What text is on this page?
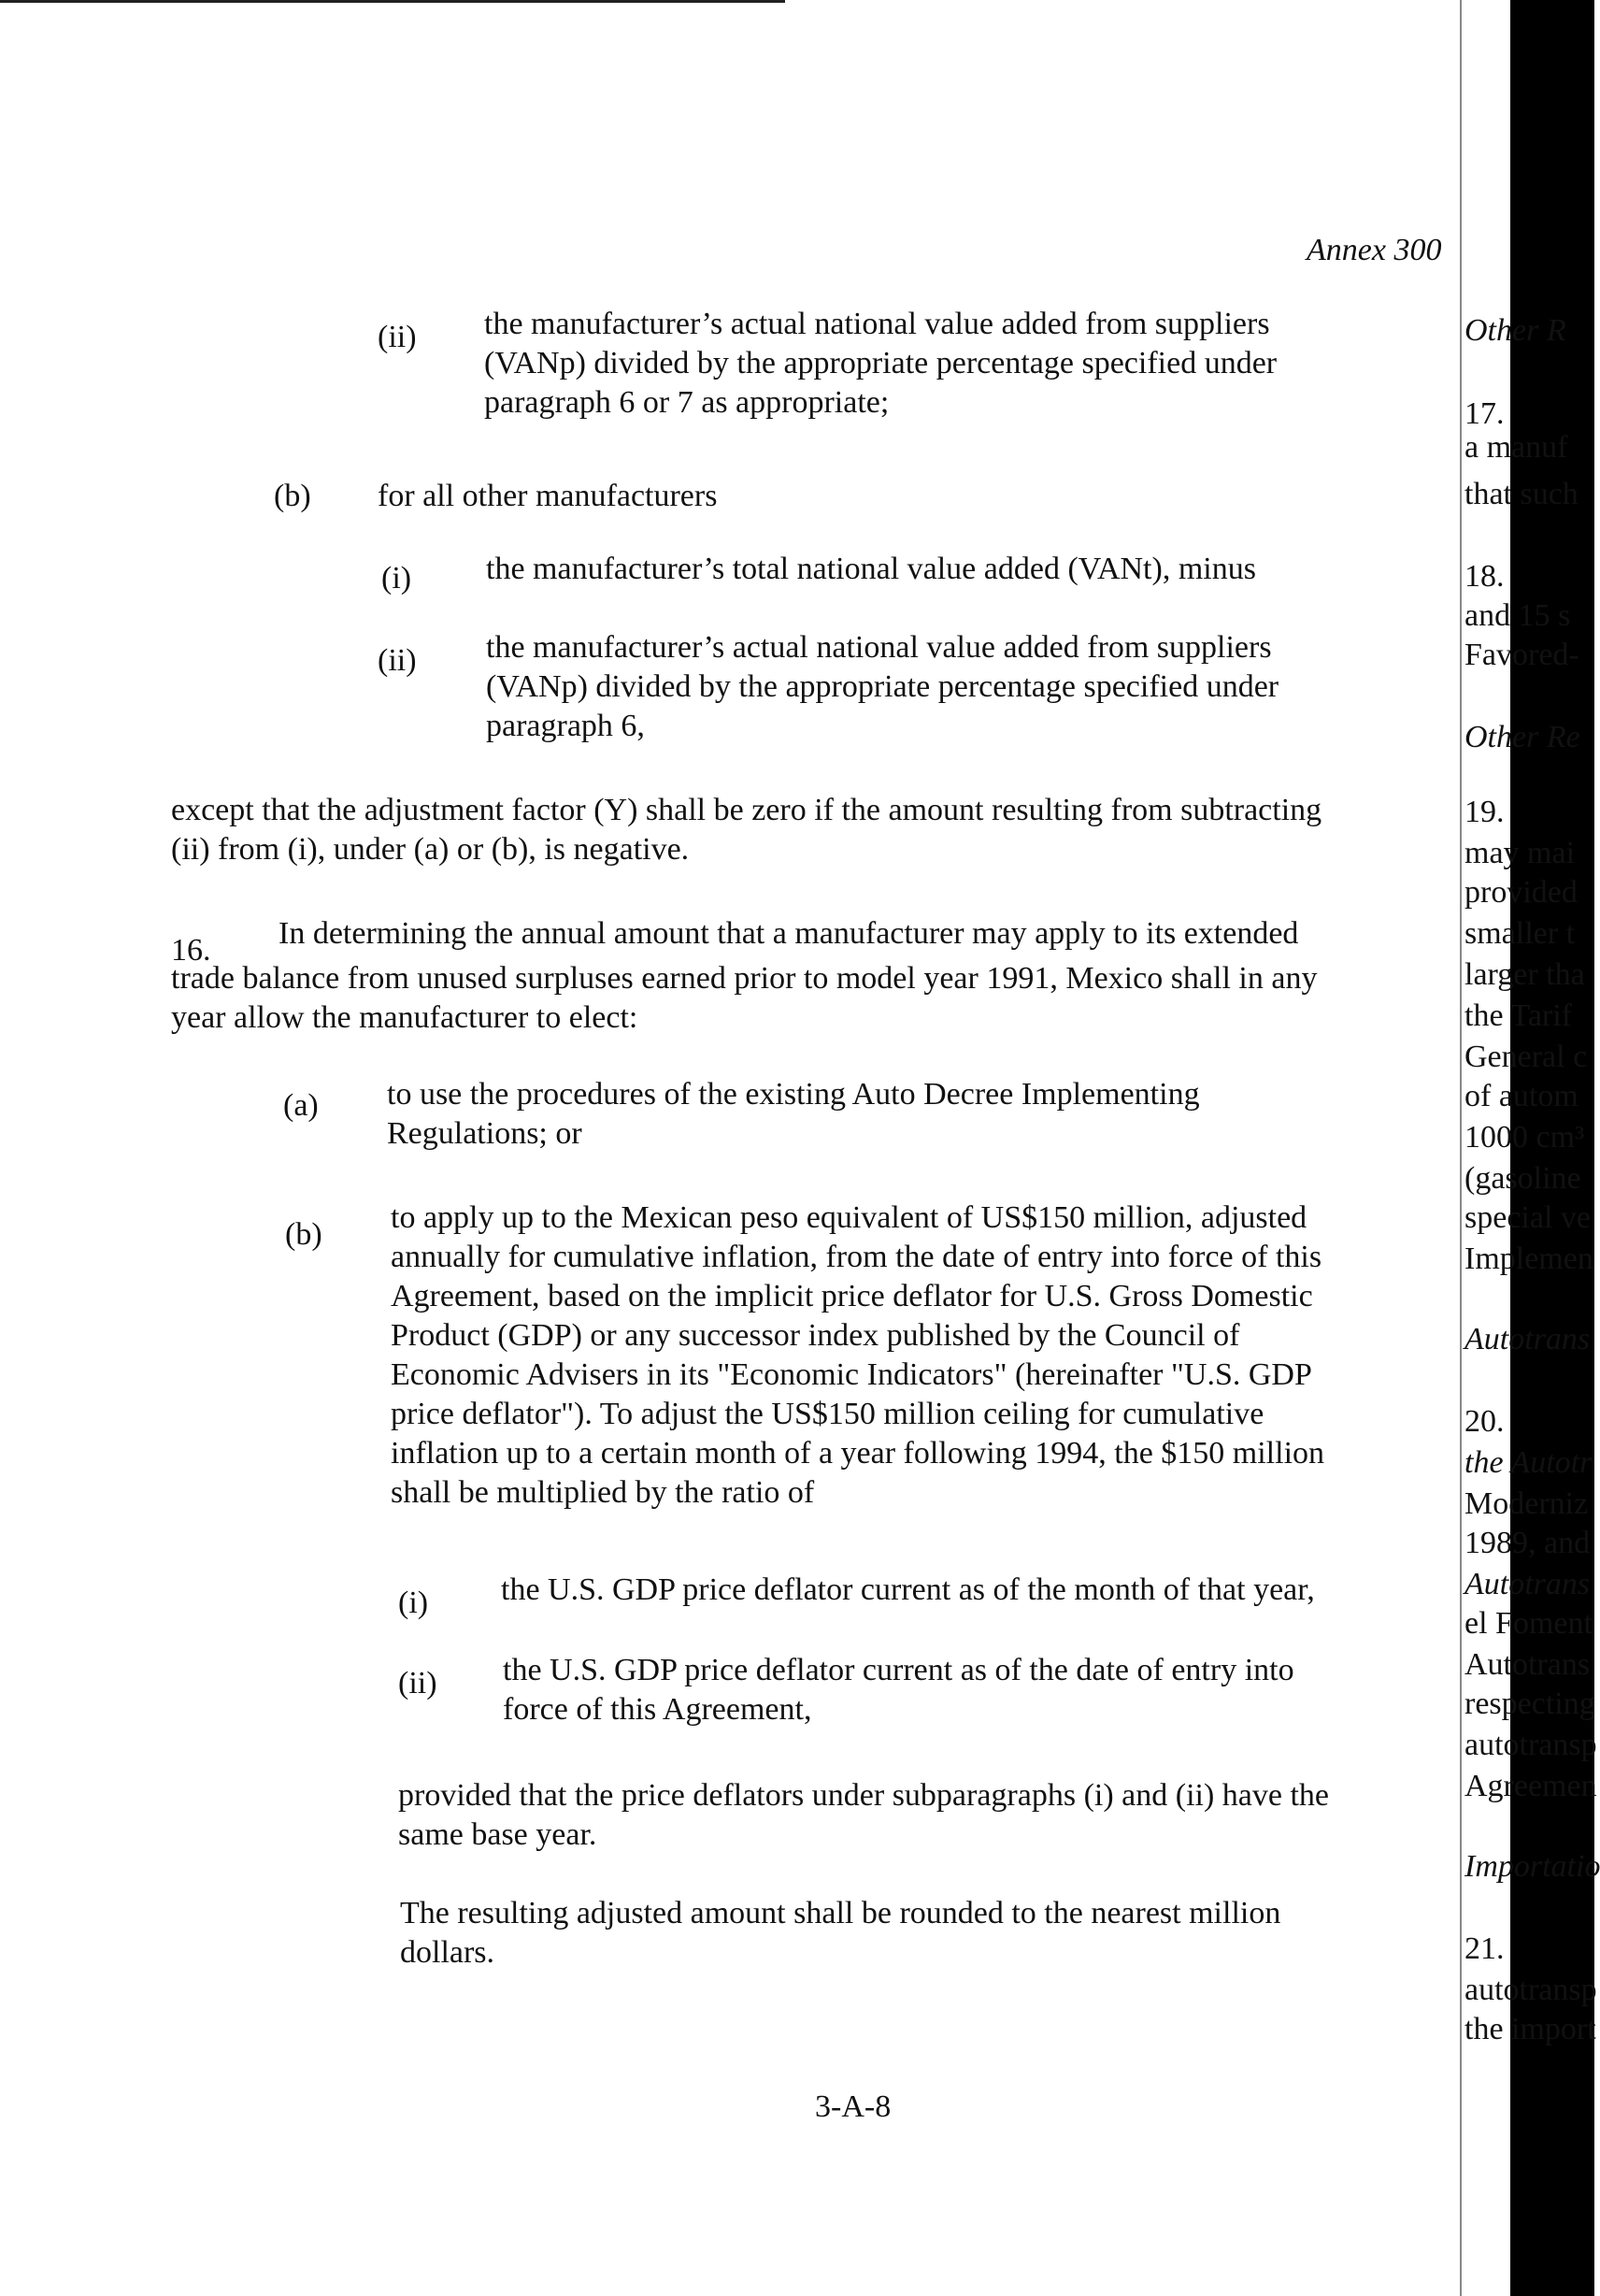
Annex 300
(ii) the manufacturer’s actual national value added from suppliers
(VANp) divided by the appropriate percentage specified under
paragraph 6 or 7 as appropriate;
(b) for all other manufacturers
(i) the manufacturer’s total national value added (VANt), minus
(ii) the manufacturer’s actual national value added from suppliers
(VANp) divided by the appropriate percentage specified under
paragraph 6,
except that the adjustment factor (Y) shall be zero if the amount resulting from subtracting
(ii) from (i), under (a) or (b), is negative.
16. In determining the annual amount that a manufacturer may apply to its extended
trade balance from unused surpluses earned prior to model year 1991, Mexico shall in any
year allow the manufacturer to elect:
(a) to use the procedures of the existing Auto Decree Implementing
Regulations; or
(b) to apply up to the Mexican peso equivalent of US$150 million, adjusted
annually for cumulative inflation, from the date of entry into force of this
Agreement, based on the implicit price deflator for U.S. Gross Domestic
Product (GDP) or any successor index published by the Council of
Economic Advisers in its "Economic Indicators" (hereinafter "U.S. GDP
price deflator"). To adjust the US$150 million ceiling for cumulative
inflation up to a certain month of a year following 1994, the $150 million
shall be multiplied by the ratio of
(i) the U.S. GDP price deflator current as of the month of that year,
(ii) the U.S. GDP price deflator current as of the date of entry into
force of this Agreement,
provided that the price deflators under subparagraphs (i) and (ii) have the
same base year.
The resulting adjusted amount shall be rounded to the nearest million
dollars.
3-A-8
Other R
17.
a manuf
that such
18.
and 15 s
Favored-
Other Re
19.
may mai
provided
smaller t
larger tha
the Tarif
General c
of autom
1000 cm³
(gasoline
special ve
Implemen
Autotrans
20.
the Autotr
Moderniz
1989, and
Autotrans
el Foment
Autotrans
respecting
autotransp
Agreemen
Importatio
21.
autotransp
the import
